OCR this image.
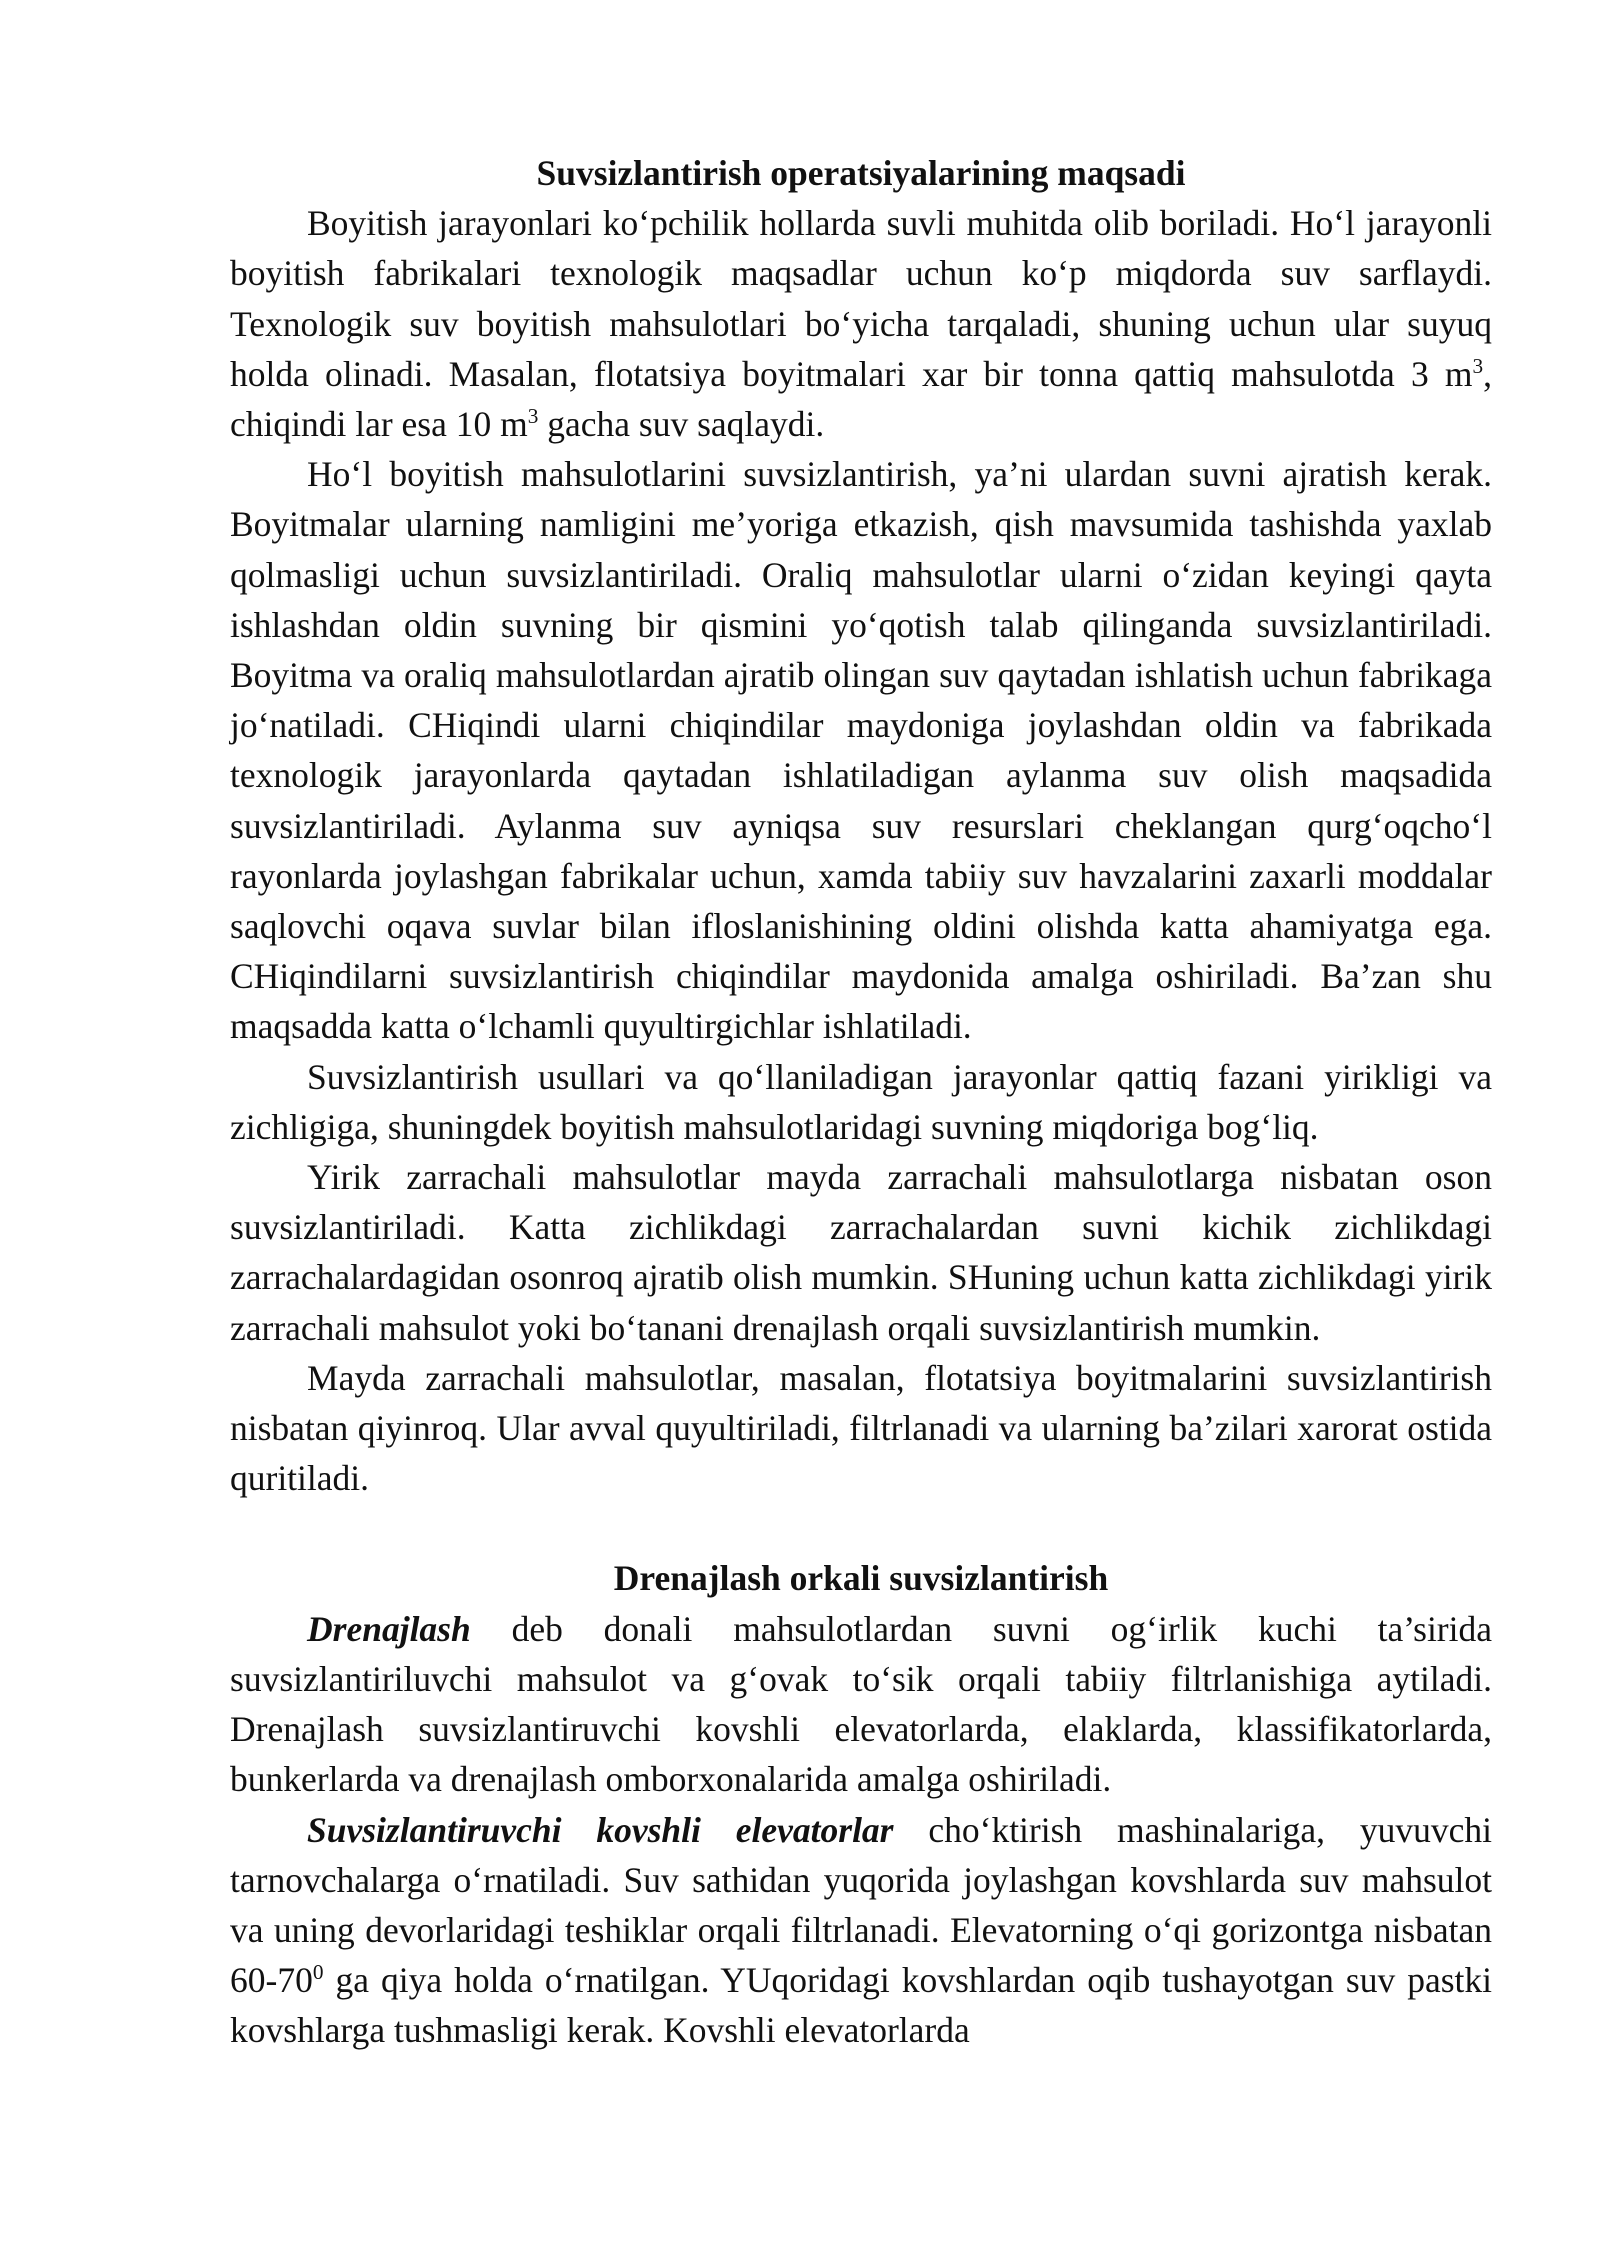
Suvsizlantirish operatsiyalarining maqsadi

Boyitish jarayonlari ko‘pchilik hollarda suvli muhitda olib boriladi. Ho‘l jarayonli boyitish fabrikalari texnologik maqsadlar uchun ko‘p miqdorda suv sarflaydi. Texnologik suv boyitish mahsulotlari bo‘yicha tarqaladi, shuning uchun ular suyuq holda olinadi. Masalan, flotatsiya boyitmalari xar bir tonna qattiq mahsulotda 3 $m^3$, chiqindi lar esa 10 $m^3$ gacha suv saqlaydi.

Ho‘l boyitish mahsulotlarini suvsizlantirish, ya’ni ulardan suvni ajratish kerak. Boyitmalar ularning namligini me’yoriga etkazish, qish mavsumida tashishda yaxlab qolmasligi uchun suvsizlantiriladi. Oraliq mahsulotlar ularni o‘zidan keyingi qayta ishlashdan oldin suvning bir qismini yo‘qotish talab qilinganda suvsizlantiriladi. Boyitma va oraliq mahsulotlardan ajratib olingan suv qaytadan ishlatish uchun fabrikaga jo‘natiladi. CHiqindi ularni chiqindilar maydoniga joylashdan oldin va fabrikada texnologik jarayonlarda qaytadan ishlatiladigan aylanma suv olish maqsadida suvsizlantiriladi. Aylanma suv ayniqsa suv resurslari cheklangan qurg‘oqcho‘l rayonlarda joylashgan fabrikalar uchun, xamda tabiiy suv havzalarini zaxarli moddalar saqlovchi oqava suvlar bilan ifloslanishining oldini olishda katta ahamiyatga ega. CHiqindilarni suvsizlantirish chiqindilar maydonida amalga oshiriladi. Ba’zan shu maqsadda katta o‘lchamli quyultirgichlar ishlatiladi.

Suvsizlantirish usullari va qo‘llaniladigan jarayonlar qattiq fazani yirikligi va zichligiga, shuningdek boyitish mahsulotlaridagi suvning miqdoriga bog‘liq.

Yirik zarrachali mahsulotlar mayda zarrachali mahsulotlarga nisbatan oson suvsizlantiriladi. Katta zichlikdagi zarrachalardan suvni kichik zichlikdagi zarrachalardagidan osonroq ajratib olish mumkin. SHuning uchun katta zichlikdagi yirik zarrachali mahsulot yoki bo‘tanani drenajlash orqali suvsizlantirish mumkin.

Mayda zarrachali mahsulotlar, masalan, flotatsiya boyitmalarini suvsizlantirish nisbatan qiyinroq. Ular avval quyultiriladi, filtrlanadi va ularning ba’zilari xarorat ostida quritiladi.

Drenajlash orkali suvsizlantirish

Drenajlash deb donali mahsulotlardan suvni og‘irlik kuchi ta’sirida suvsizlantiriluvchi mahsulot va g‘ovak to‘sik orqali tabiiy filtrlanishiga aytiladi. Drenajlash suvsizlantiruvchi kovshli elevatorlarda, elaklarda, klassifikatorlarda, bunkerlarda va drenajlash omborxonalarida amalga oshiriladi.

Suvsizlantiruvchi kovshli elevatorlar cho‘ktirish mashinalariga, yuvuvchi tarnovchalarga o‘rnatiladi. Suv sathidan yuqorida joylashgan kovshlarda suv mahsulot va uning devorlaridagi teshiklar orqali filtrlanadi. Elevatorning o‘qi gorizontga nisbatan $60-70^0$ ga qiya holda o‘rnatilgan. YUqoridagi kovshlardan oqib tushayotgan suv pastki kovshlarga tushmasligi kerak. Kovshli elevatorlarda
